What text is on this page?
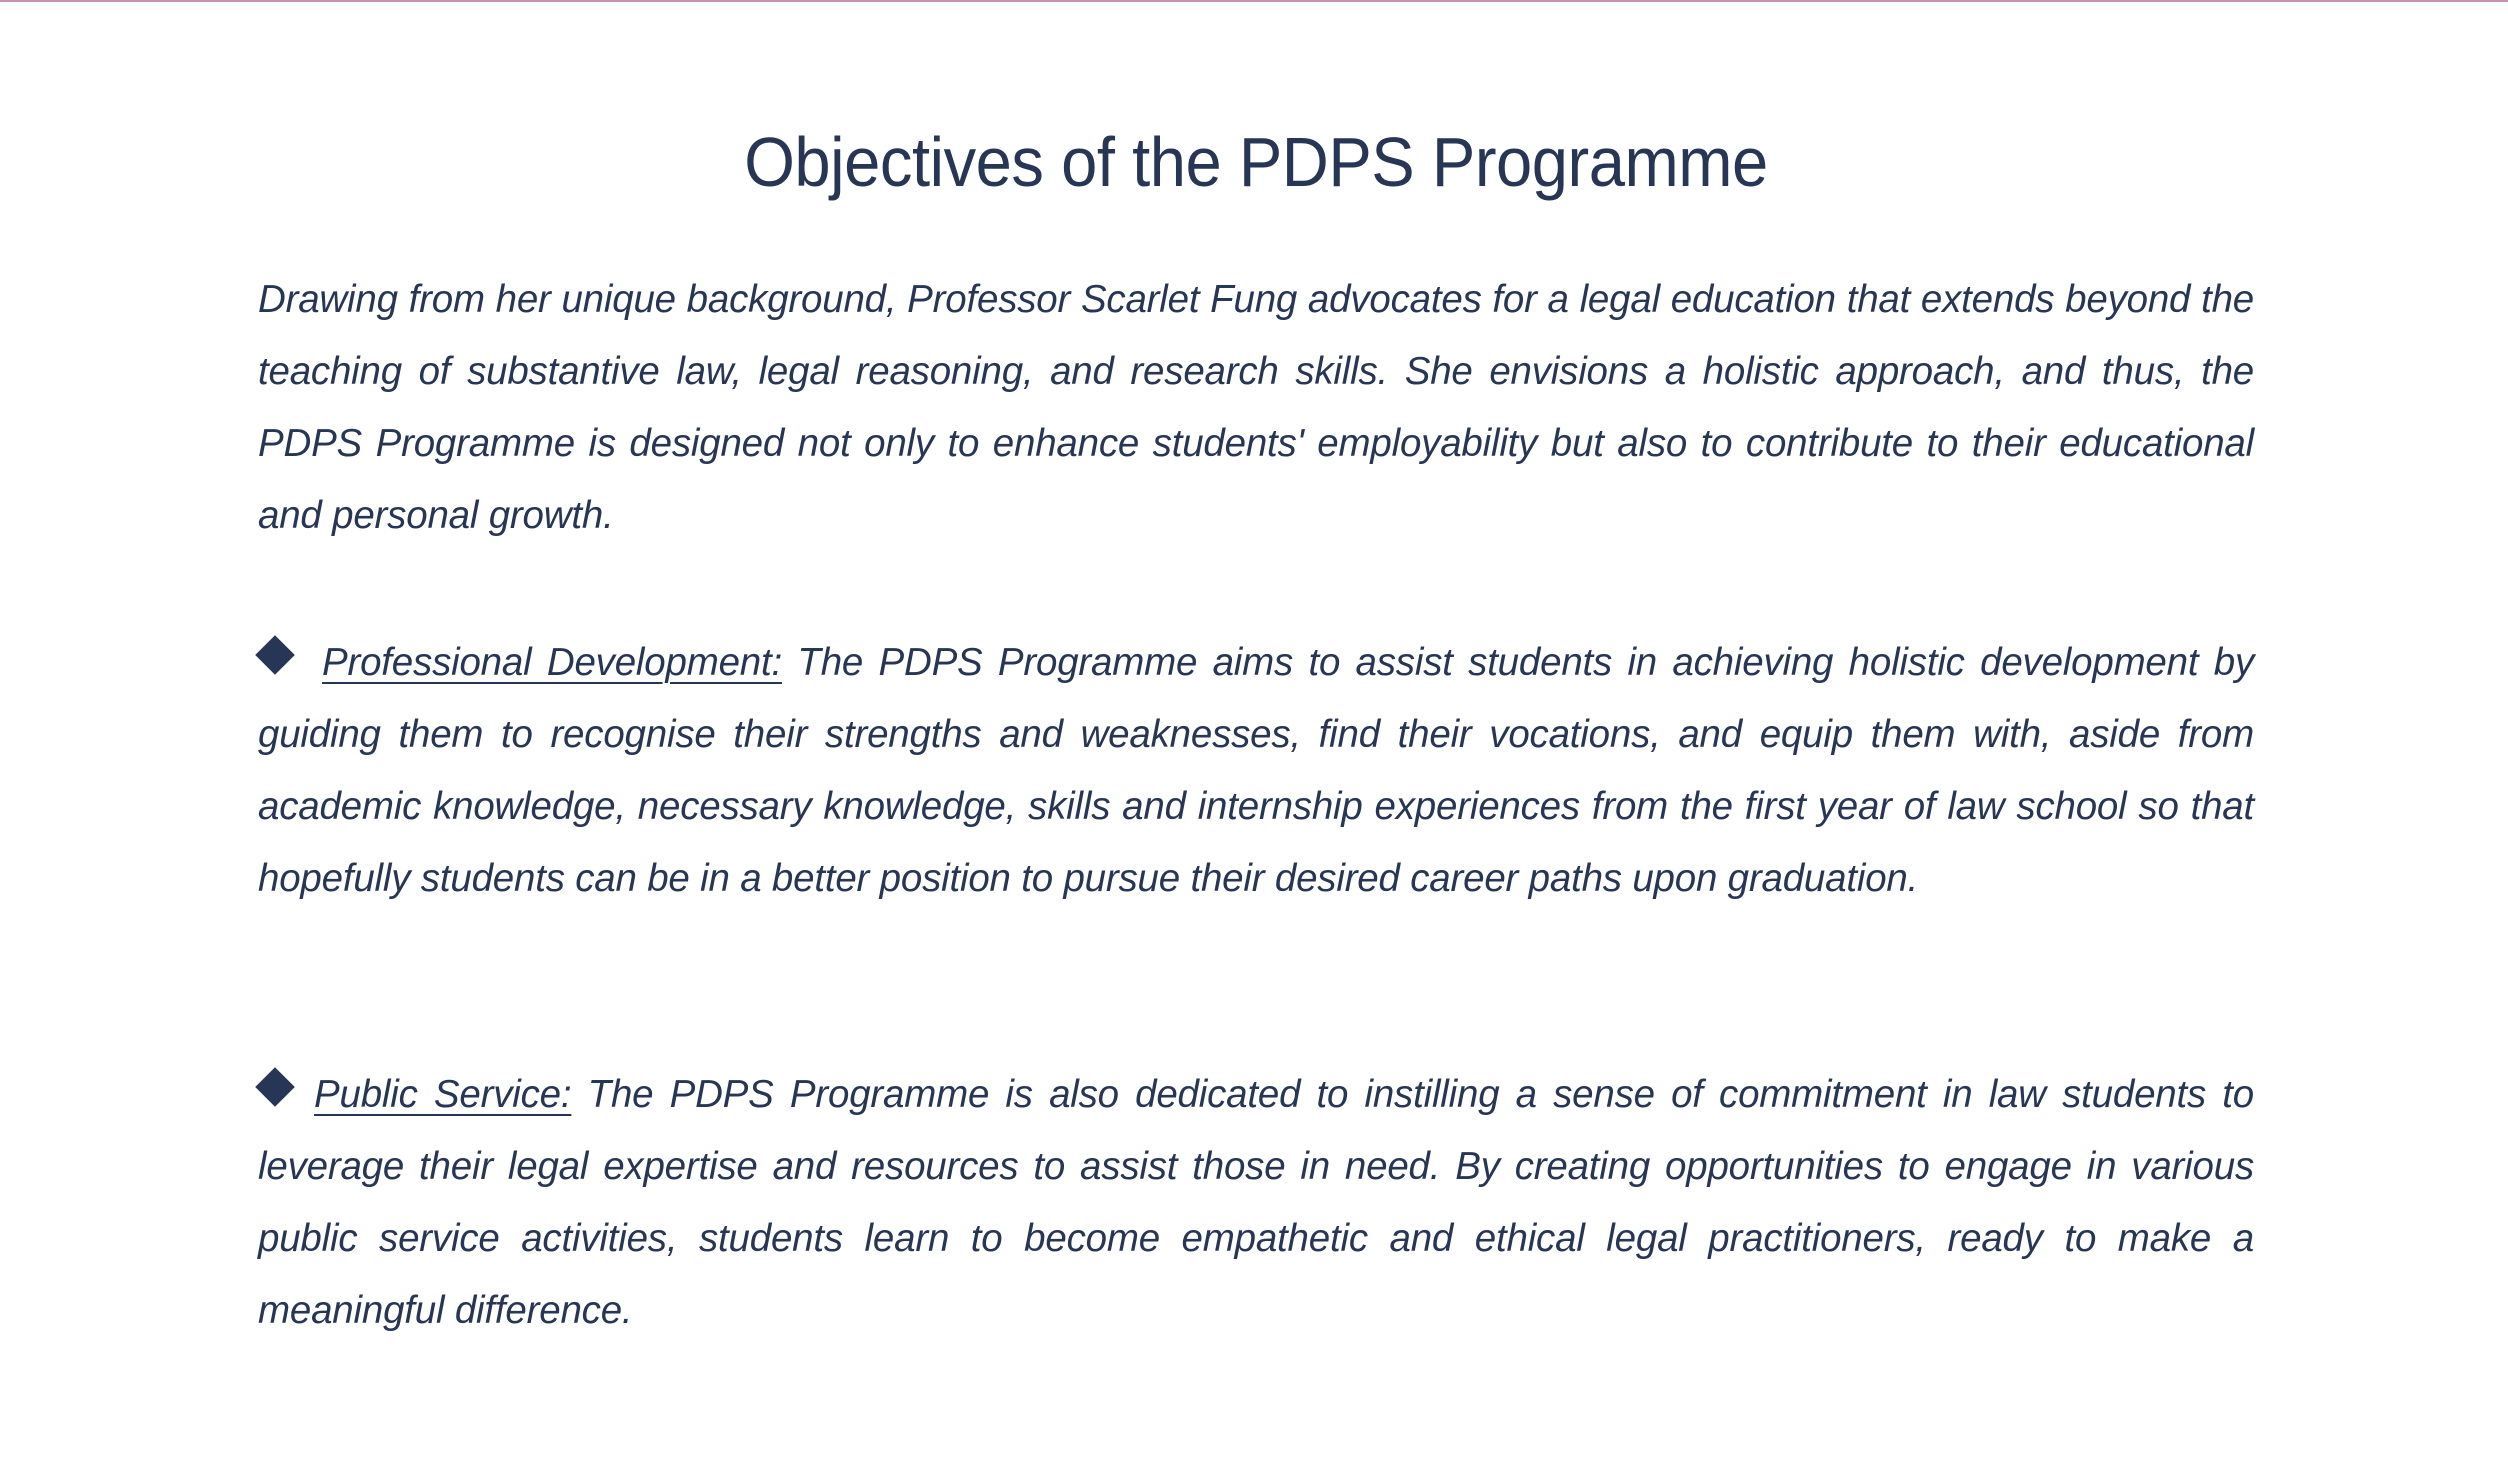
Objectives of the PDPS Programme

Drawing from her unique background, Professor Scarlet Fung advocates for a legal education that extends beyond the teaching of substantive law, legal reasoning, and research skills. She envisions a holistic approach, and thus, the PDPS Programme is designed not only to enhance students' employability but also to contribute to their educational and personal growth.

Professional Development: The PDPS Programme aims to assist students in achieving holistic development by guiding them to recognise their strengths and weaknesses, find their vocations, and equip them with, aside from academic knowledge, necessary knowledge, skills and internship experiences from the first year of law school so that hopefully students can be in a better position to pursue their desired career paths upon graduation.

Public Service: The PDPS Programme is also dedicated to instilling a sense of commitment in law students to leverage their legal expertise and resources to assist those in need. By creating opportunities to engage in various public service activities, students learn to become empathetic and ethical legal practitioners, ready to make a meaningful difference.
